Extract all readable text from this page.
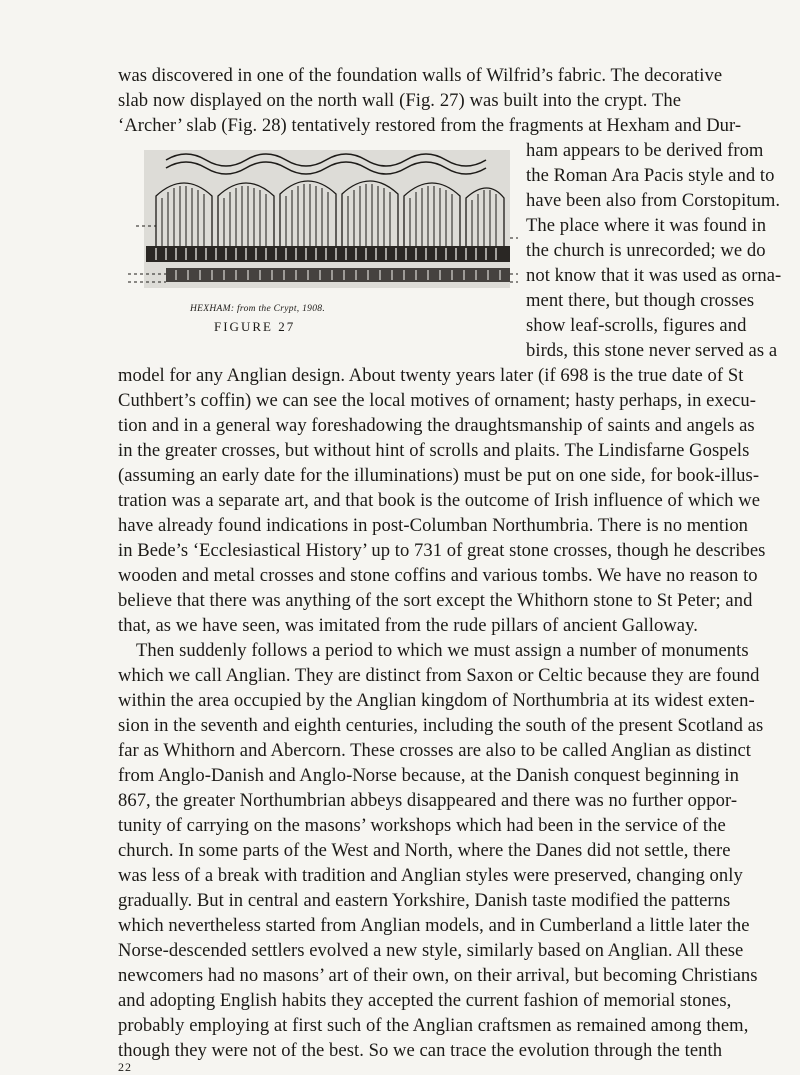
was discovered in one of the foundation walls of Wilfrid’s fabric. The decorative
slab now displayed on the north wall (Fig. 27) was built into the crypt. The
‘Archer’ slab (Fig. 28) tentatively restored from the fragments at Hexham and Dur-
ham appears to be derived from
the Roman Ara Pacis style and to
have been also from Corstopitum.
The place where it was found in
the church is unrecorded; we do
not know that it was used as orna-
ment there, but though crosses
show leaf-scrolls, figures and
birds, this stone never served as a
HEXHAM: from the Crypt, 1908.
FIGURE 27
model for any Anglian design. About twenty years later (if 698 is the true date of St
Cuthbert’s coffin) we can see the local motives of ornament; hasty perhaps, in execu-
tion and in a general way foreshadowing the draughtsmanship of saints and angels as
in the greater crosses, but without hint of scrolls and plaits. The Lindisfarne Gospels
(assuming an early date for the illuminations) must be put on one side, for book-illus-
tration was a separate art, and that book is the outcome of Irish influence of which we
have already found indications in post-Columban Northumbria. There is no mention
in Bede’s ‘Ecclesiastical History’ up to 731 of great stone crosses, though he describes
wooden and metal crosses and stone coffins and various tombs. We have no reason to
believe that there was anything of the sort except the Whithorn stone to St Peter; and
that, as we have seen, was imitated from the rude pillars of ancient Galloway.
Then suddenly follows a period to which we must assign a number of monuments
which we call Anglian. They are distinct from Saxon or Celtic because they are found
within the area occupied by the Anglian kingdom of Northumbria at its widest exten-
sion in the seventh and eighth centuries, including the south of the present Scotland as
far as Whithorn and Abercorn. These crosses are also to be called Anglian as distinct
from Anglo-Danish and Anglo-Norse because, at the Danish conquest beginning in
867, the greater Northumbrian abbeys disappeared and there was no further oppor-
tunity of carrying on the masons’ workshops which had been in the service of the
church. In some parts of the West and North, where the Danes did not settle, there
was less of a break with tradition and Anglian styles were preserved, changing only
gradually. But in central and eastern Yorkshire, Danish taste modified the patterns
which nevertheless started from Anglian models, and in Cumberland a little later the
Norse-descended settlers evolved a new style, similarly based on Anglian. All these
newcomers had no masons’ art of their own, on their arrival, but becoming Christians
and adopting English habits they accepted the current fashion of memorial stones,
probably employing at first such of the Anglian craftsmen as remained among them,
though they were not of the best. So we can trace the evolution through the tenth
22
